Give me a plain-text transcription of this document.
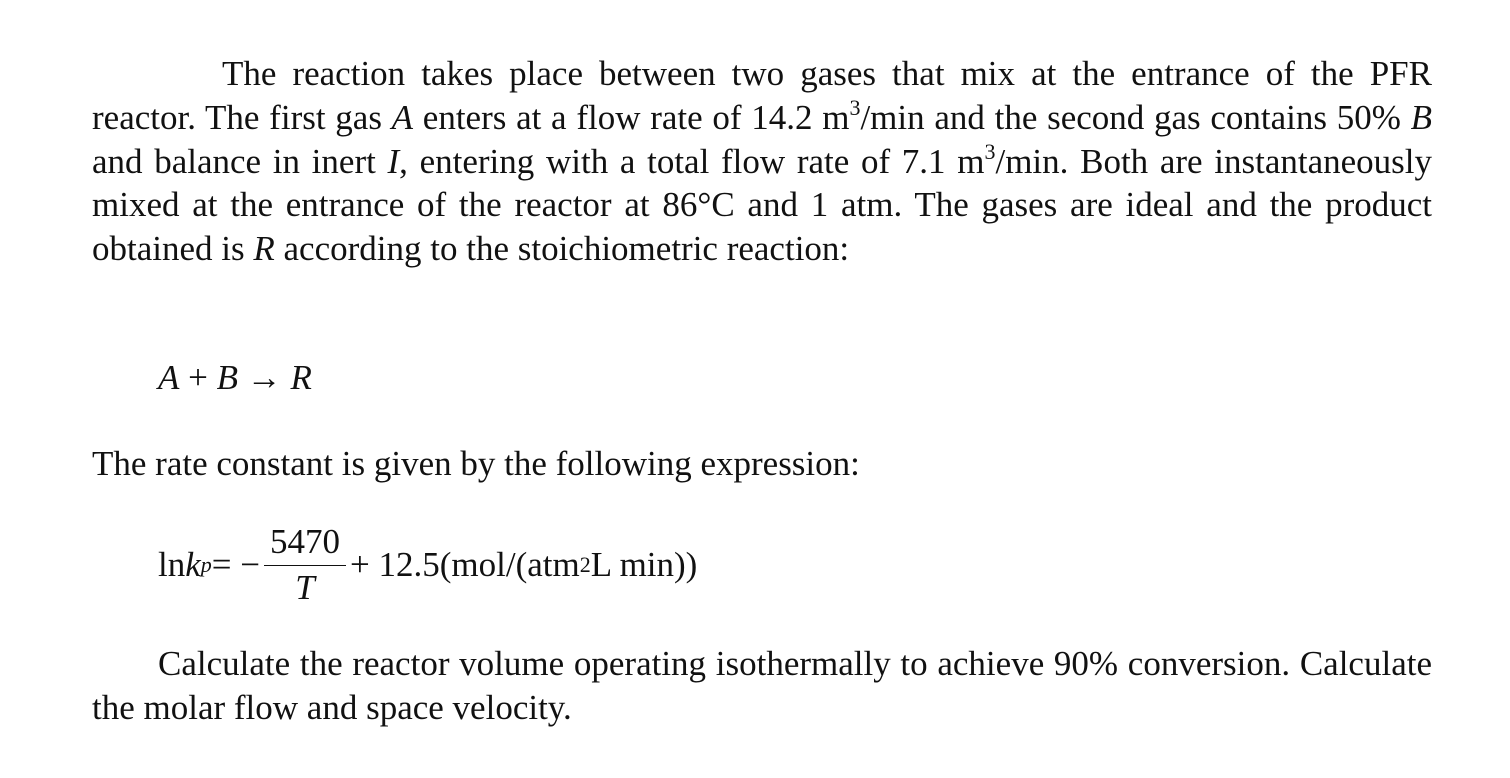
The reaction takes place between two gases that mix at the entrance of the PFR reactor. The first gas A enters at a flow rate of 14.2 $m^3/\min$ and the second gas contains 50% B and balance in inert I, entering with a total flow rate of 7.1 $m^3/\min$. Both are instantaneously mixed at the entrance of the reactor at 86°C and 1 atm. The gases are ideal and the product obtained is R according to the stoichiometric reaction:

A + B → R

The rate constant is given by the following expression:

ln k p = − $\frac{5470}{T} + 12.5(mol/(atm$ 2 L min))

Calculate the reactor volume operating isothermally to achieve 90% conversion. Calculate the molar flow and space velocity.
